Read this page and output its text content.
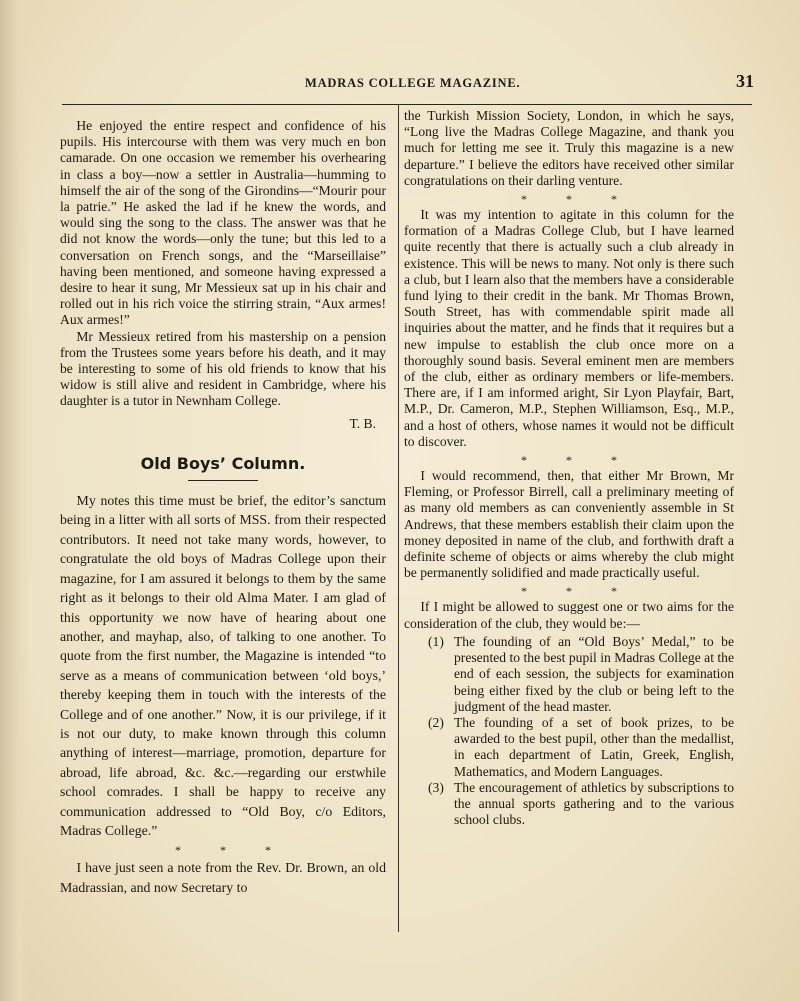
MADRAS COLLEGE MAGAZINE.	31

He enjoyed the entire respect and confidence of his pupils. His intercourse with them was very much en bon camarade. On one occasion we remember his overhearing in class a boy—now a settler in Australia—humming to himself the air of the song of the Girondins—“Mourir pour la patrie.” He asked the lad if he knew the words, and would sing the song to the class. The answer was that he did not know the words—only the tune; but this led to a conversation on French songs, and the “Marseillaise” having been mentioned, and someone having expressed a desire to hear it sung, Mr Messieux sat up in his chair and rolled out in his rich voice the stirring strain, “Aux armes! Aux armes!”

Mr Messieux retired from his mastership on a pension from the Trustees some years before his death, and it may be interesting to some of his old friends to know that his widow is still alive and resident in Cambridge, where his daughter is a tutor in Newnham College.

T. B.
Old Boys’ Column.

My notes this time must be brief, the editor’s sanctum being in a litter with all sorts of MSS. from their respected contributors. It need not take many words, however, to congratulate the old boys of Madras College upon their magazine, for I am assured it belongs to them by the same right as it belongs to their old Alma Mater. I am glad of this opportunity we now have of hearing about one another, and mayhap, also, of talking to one another. To quote from the first number, the Magazine is intended “to serve as a means of communication between ‘old boys,’ thereby keeping them in touch with the interests of the College and of one another.” Now, it is our privilege, if it is not our duty, to make known through this column anything of interest—marriage, promotion, departure for abroad, life abroad, &c. &c.—regarding our erstwhile school comrades. I shall be happy to receive any communication addressed to “Old Boy, c/o Editors, Madras College.”

* * *

I have just seen a note from the Rev. Dr. Brown, an old Madrassian, and now Secretary to

the Turkish Mission Society, London, in which he says, “Long live the Madras College Magazine, and thank you much for letting me see it. Truly this magazine is a new departure.” I believe the editors have received other similar congratulations on their darling venture.

* * *

It was my intention to agitate in this column for the formation of a Madras College Club, but I have learned quite recently that there is actually such a club already in existence. This will be news to many. Not only is there such a club, but I learn also that the members have a considerable fund lying to their credit in the bank. Mr Thomas Brown, South Street, has with commendable spirit made all inquiries about the matter, and he finds that it requires but a new impulse to establish the club once more on a thoroughly sound basis. Several eminent men are members of the club, either as ordinary members or life-members. There are, if I am informed aright, Sir Lyon Playfair, Bart, M.P., Dr. Cameron, M.P., Stephen Williamson, Esq., M.P., and a host of others, whose names it would not be difficult to discover.

* * *

I would recommend, then, that either Mr Brown, Mr Fleming, or Professor Birrell, call a preliminary meeting of as many old members as can conveniently assemble in St Andrews, that these members establish their claim upon the money deposited in name of the club, and forthwith draft a definite scheme of objects or aims whereby the club might be permanently solidified and made practically useful.

* * *

If I might be allowed to suggest one or two aims for the consideration of the club, they would be:—

(1) The founding of an “Old Boys’ Medal,” to be presented to the best pupil in Madras College at the end of each session, the subjects for examination being either fixed by the club or being left to the judgment of the head master.
(2) The founding of a set of book prizes, to be awarded to the best pupil, other than the medallist, in each department of Latin, Greek, English, Mathematics, and Modern Languages.
(3) The encouragement of athletics by subscriptions to the annual sports gathering and to the various school clubs.
